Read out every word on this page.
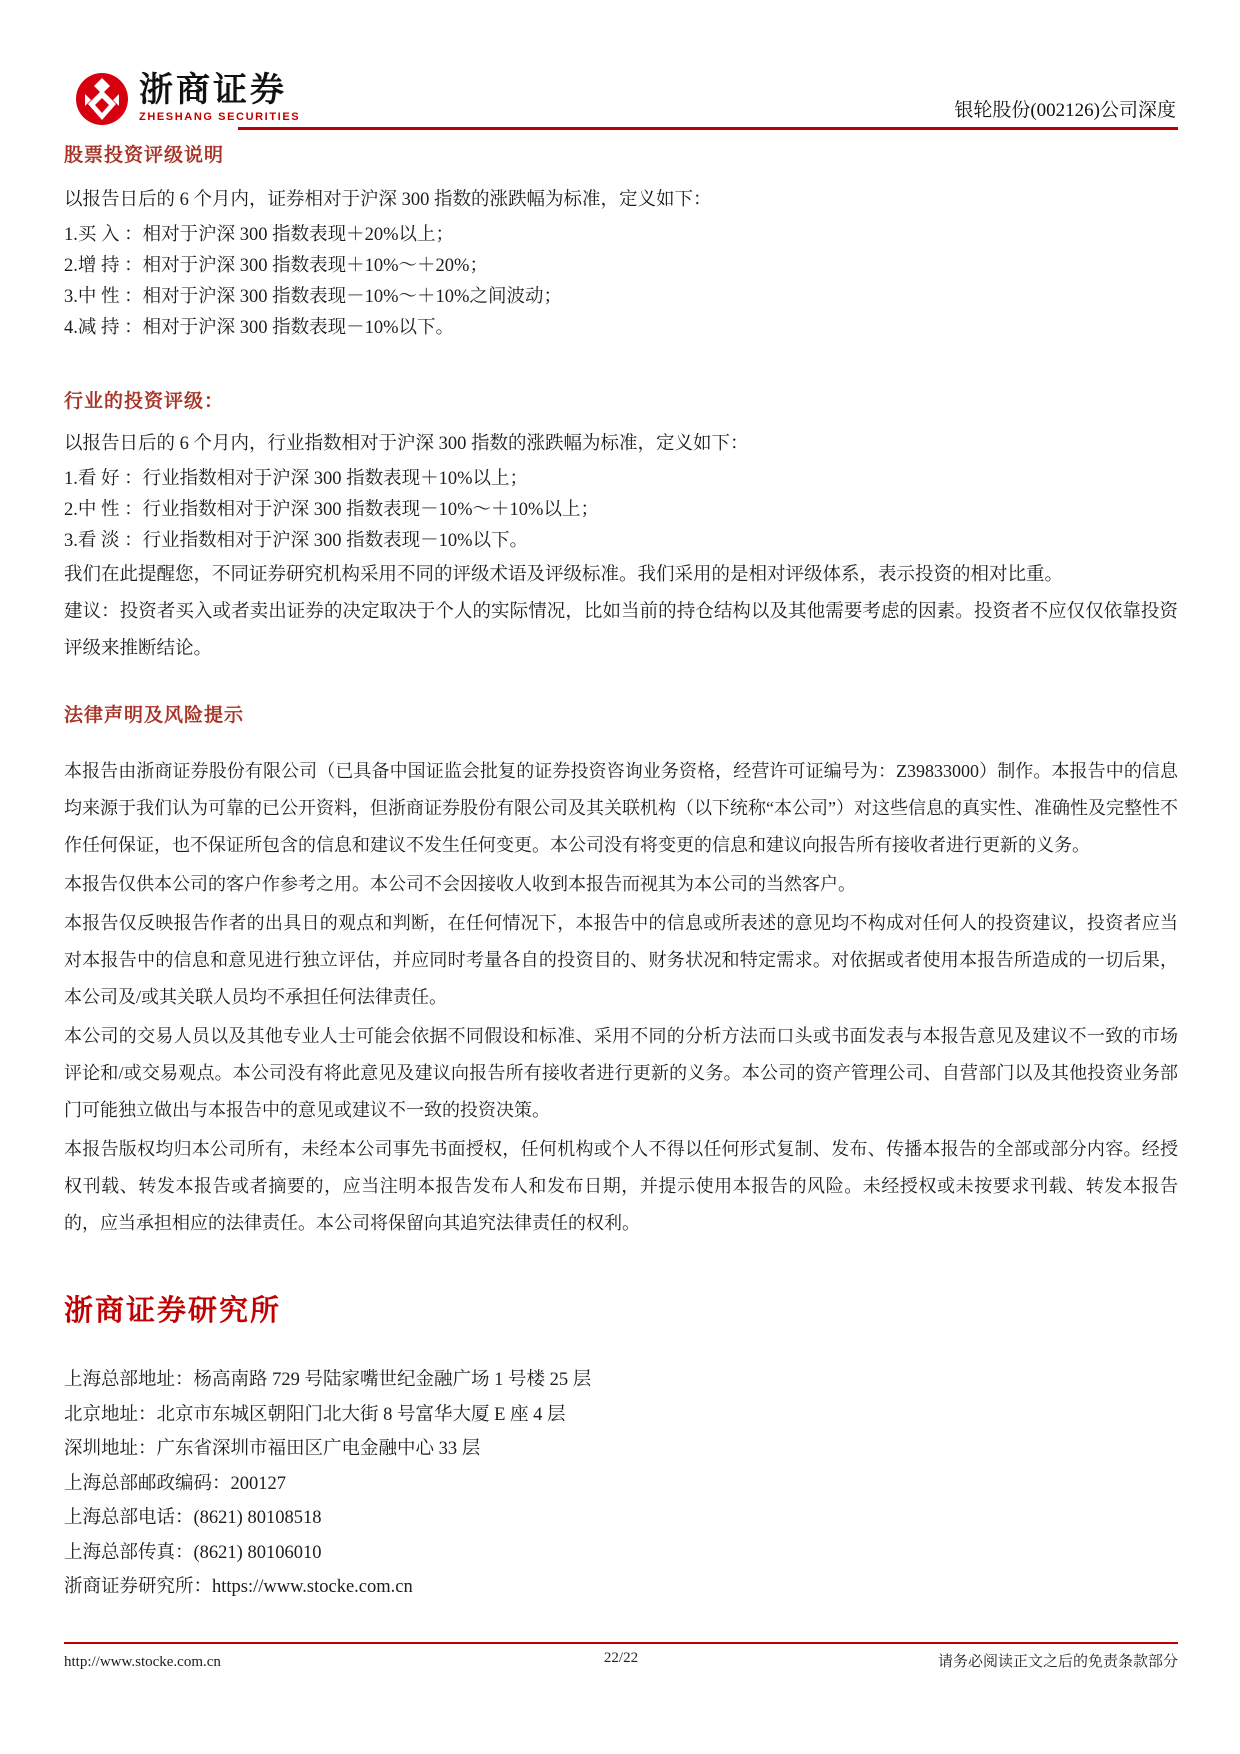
浙商证券
ZHESHANG SECURITIES	银轮股份(002126)公司深度
股票投资评级说明
以报告日后的 6 个月内，证券相对于沪深 300 指数的涨跌幅为标准，定义如下：
1.买 入 ：相对于沪深 300 指数表现＋20%以上；
2.增 持 ：相对于沪深 300 指数表现＋10%～＋20%；
3.中 性 ：相对于沪深 300 指数表现－10%～＋10%之间波动；
4.减 持 ：相对于沪深 300 指数表现－10%以下。
行业的投资评级：
以报告日后的 6 个月内，行业指数相对于沪深 300 指数的涨跌幅为标准，定义如下：
1.看 好 ：行业指数相对于沪深 300 指数表现＋10%以上；
2.中 性 ：行业指数相对于沪深 300 指数表现－10%～＋10%以上；
3.看 淡 ：行业指数相对于沪深 300 指数表现－10%以下。
我们在此提醒您，不同证券研究机构采用不同的评级术语及评级标准。我们采用的是相对评级体系，表示投资的相对比重。
建议：投资者买入或者卖出证券的决定取决于个人的实际情况，比如当前的持仓结构以及其他需要考虑的因素。投资者不应仅仅依靠投资评级来推断结论。
法律声明及风险提示

本报告由浙商证券股份有限公司（已具备中国证监会批复的证券投资咨询业务资格，经营许可证编号为：Z39833000）制作。本报告中的信息均来源于我们认为可靠的已公开资料，但浙商证券股份有限公司及其关联机构（以下统称“本公司”）对这些信息的真实性、准确性及完整性不作任何保证，也不保证所包含的信息和建议不发生任何变更。本公司没有将变更的信息和建议向报告所有接收者进行更新的义务。

本报告仅供本公司的客户作参考之用。本公司不会因接收人收到本报告而视其为本公司的当然客户。

本报告仅反映报告作者的出具日的观点和判断，在任何情况下，本报告中的信息或所表述的意见均不构成对任何人的投资建议，投资者应当对本报告中的信息和意见进行独立评估，并应同时考量各自的投资目的、财务状况和特定需求。对依据或者使用本报告所造成的一切后果，本公司及/或其关联人员均不承担任何法律责任。

本公司的交易人员以及其他专业人士可能会依据不同假设和标准、采用不同的分析方法而口头或书面发表与本报告意见及建议不一致的市场评论和/或交易观点。本公司没有将此意见及建议向报告所有接收者进行更新的义务。本公司的资产管理公司、自营部门以及其他投资业务部门可能独立做出与本报告中的意见或建议不一致的投资决策。

本报告版权均归本公司所有，未经本公司事先书面授权，任何机构或个人不得以任何形式复制、发布、传播本报告的全部或部分内容。经授权刊载、转发本报告或者摘要的，应当注明本报告发布人和发布日期，并提示使用本报告的风险。未经授权或未按要求刊载、转发本报告的，应当承担相应的法律责任。本公司将保留向其追究法律责任的权利。

浙商证券研究所
上海总部地址：杨高南路 729 号陆家嘴世纪金融广场 1 号楼 25 层
北京地址：北京市东城区朝阳门北大街 8 号富华大厦 E 座 4 层
深圳地址：广东省深圳市福田区广电金融中心 33 层
上海总部邮政编码：200127
上海总部电话：(8621) 80108518
上海总部传真：(8621) 80106010
浙商证券研究所：https://www.stocke.com.cn
http://www.stocke.com.cn	22/22	请务必阅读正文之后的免责条款部分
